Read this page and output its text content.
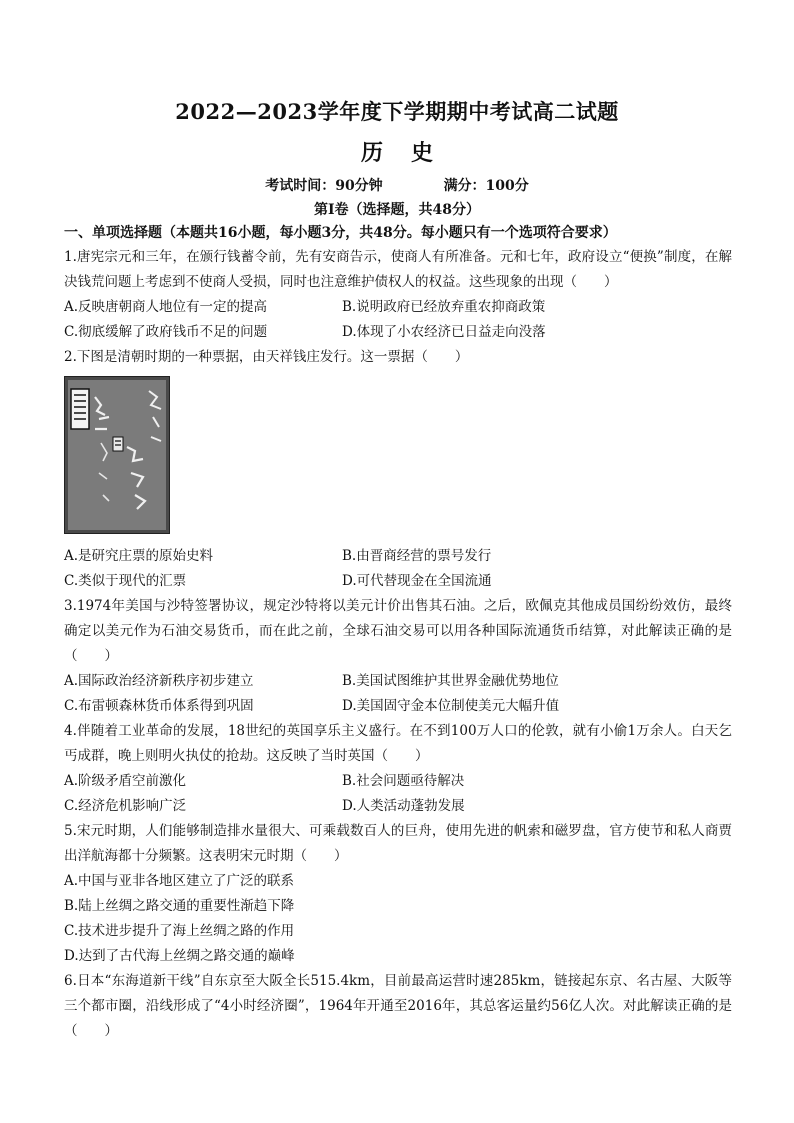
2022—2023学年度下学期期中考试高二试题
历史
考试时间：90分钟	满分：100分
第Ⅰ卷（选择题，共48分）
一、单项选择题（本题共16小题，每小题3分，共48分。每小题只有一个选项符合要求）
1.唐宪宗元和三年，在颁行钱蓄令前，先有安商告示，使商人有所准备。元和七年，政府设立“便换”制度，在解决钱荒问题上考虑到不使商人受损，同时也注意维护债权人的权益。这些现象的出现（　　）
A.反映唐朝商人地位有一定的提高	B.说明政府已经放弃重农抑商政策
C.彻底缓解了政府钱币不足的问题	D.体现了小农经济已日益走向没落
2.下图是清朝时期的一种票据，由天祥钱庄发行。这一票据（　　）
A.是研究庄票的原始史料	B.由晋商经营的票号发行
C.类似于现代的汇票	D.可代替现金在全国流通
3.1974年美国与沙特签署协议，规定沙特将以美元计价出售其石油。之后，欧佩克其他成员国纷纷效仿，最终确定以美元作为石油交易货币，而在此之前，全球石油交易可以用各种国际流通货币结算，对此解读正确的是（　　）
A.国际政治经济新秩序初步建立	B.美国试图维护其世界金融优势地位
C.布雷顿森林货币体系得到巩固	D.美国固守金本位制使美元大幅升值
4.伴随着工业革命的发展，18世纪的英国享乐主义盛行。在不到100万人口的伦敦，就有小偷1万余人。白天乞丐成群，晚上则明火执仗的抢劫。这反映了当时英国（　　）
A.阶级矛盾空前激化	B.社会问题亟待解决
C.经济危机影响广泛	D.人类活动蓬勃发展
5.宋元时期，人们能够制造排水量很大、可乘载数百人的巨舟，使用先进的帆索和磁罗盘，官方使节和私人商贾出洋航海都十分频繁。这表明宋元时期（　　）
A.中国与亚非各地区建立了广泛的联系
B.陆上丝绸之路交通的重要性渐趋下降
C.技术进步提升了海上丝绸之路的作用
D.达到了古代海上丝绸之路交通的巅峰
6.日本“东海道新干线”自东京至大阪全长515.4km，目前最高运营时速285km，链接起东京、名古屋、大阪等三个都市圈，沿线形成了“4小时经济圈”，1964年开通至2016年，其总客运量约56亿人次。对此解读正确的是（　　）
